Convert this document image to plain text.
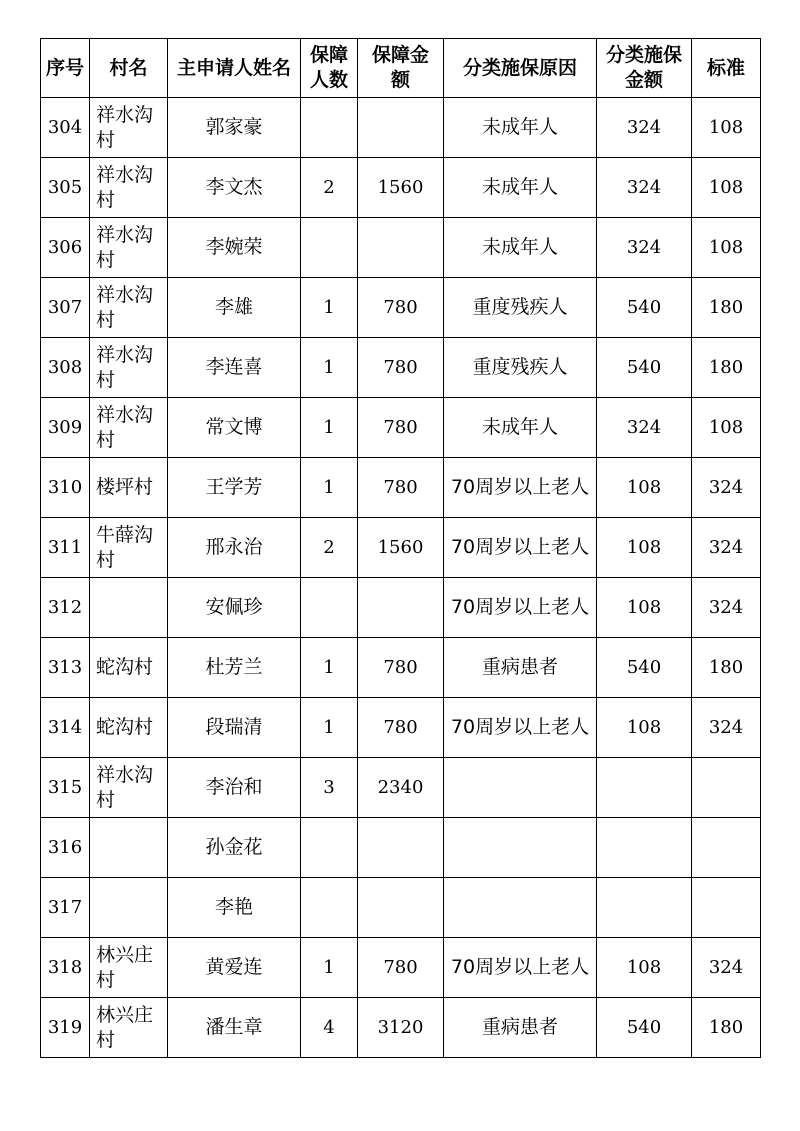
序号	村名	主申请人姓名	保障人数	保障金额	分类施保原因	分类施保金额	标准
304	祥水沟村	郭家豪			未成年人	324	108
305	祥水沟村	李文杰	2	1560	未成年人	324	108
306	祥水沟村	李婉荣			未成年人	324	108
307	祥水沟村	李雄	1	780	重度残疾人	540	180
308	祥水沟村	李连喜	1	780	重度残疾人	540	180
309	祥水沟村	常文博	1	780	未成年人	324	108
310	楼坪村	王学芳	1	780	70周岁以上老人	108	324
311	牛薛沟村	邢永治	2	1560	70周岁以上老人	108	324
312		安佩珍			70周岁以上老人	108	324
313	蛇沟村	杜芳兰	1	780	重病患者	540	180
314	蛇沟村	段瑞清	1	780	70周岁以上老人	108	324
315	祥水沟村	李治和	3	2340			
316		孙金花					
317		李艳					
318	林兴庄村	黄爱连	1	780	70周岁以上老人	108	324
319	林兴庄村	潘生章	4	3120	重病患者	540	180
